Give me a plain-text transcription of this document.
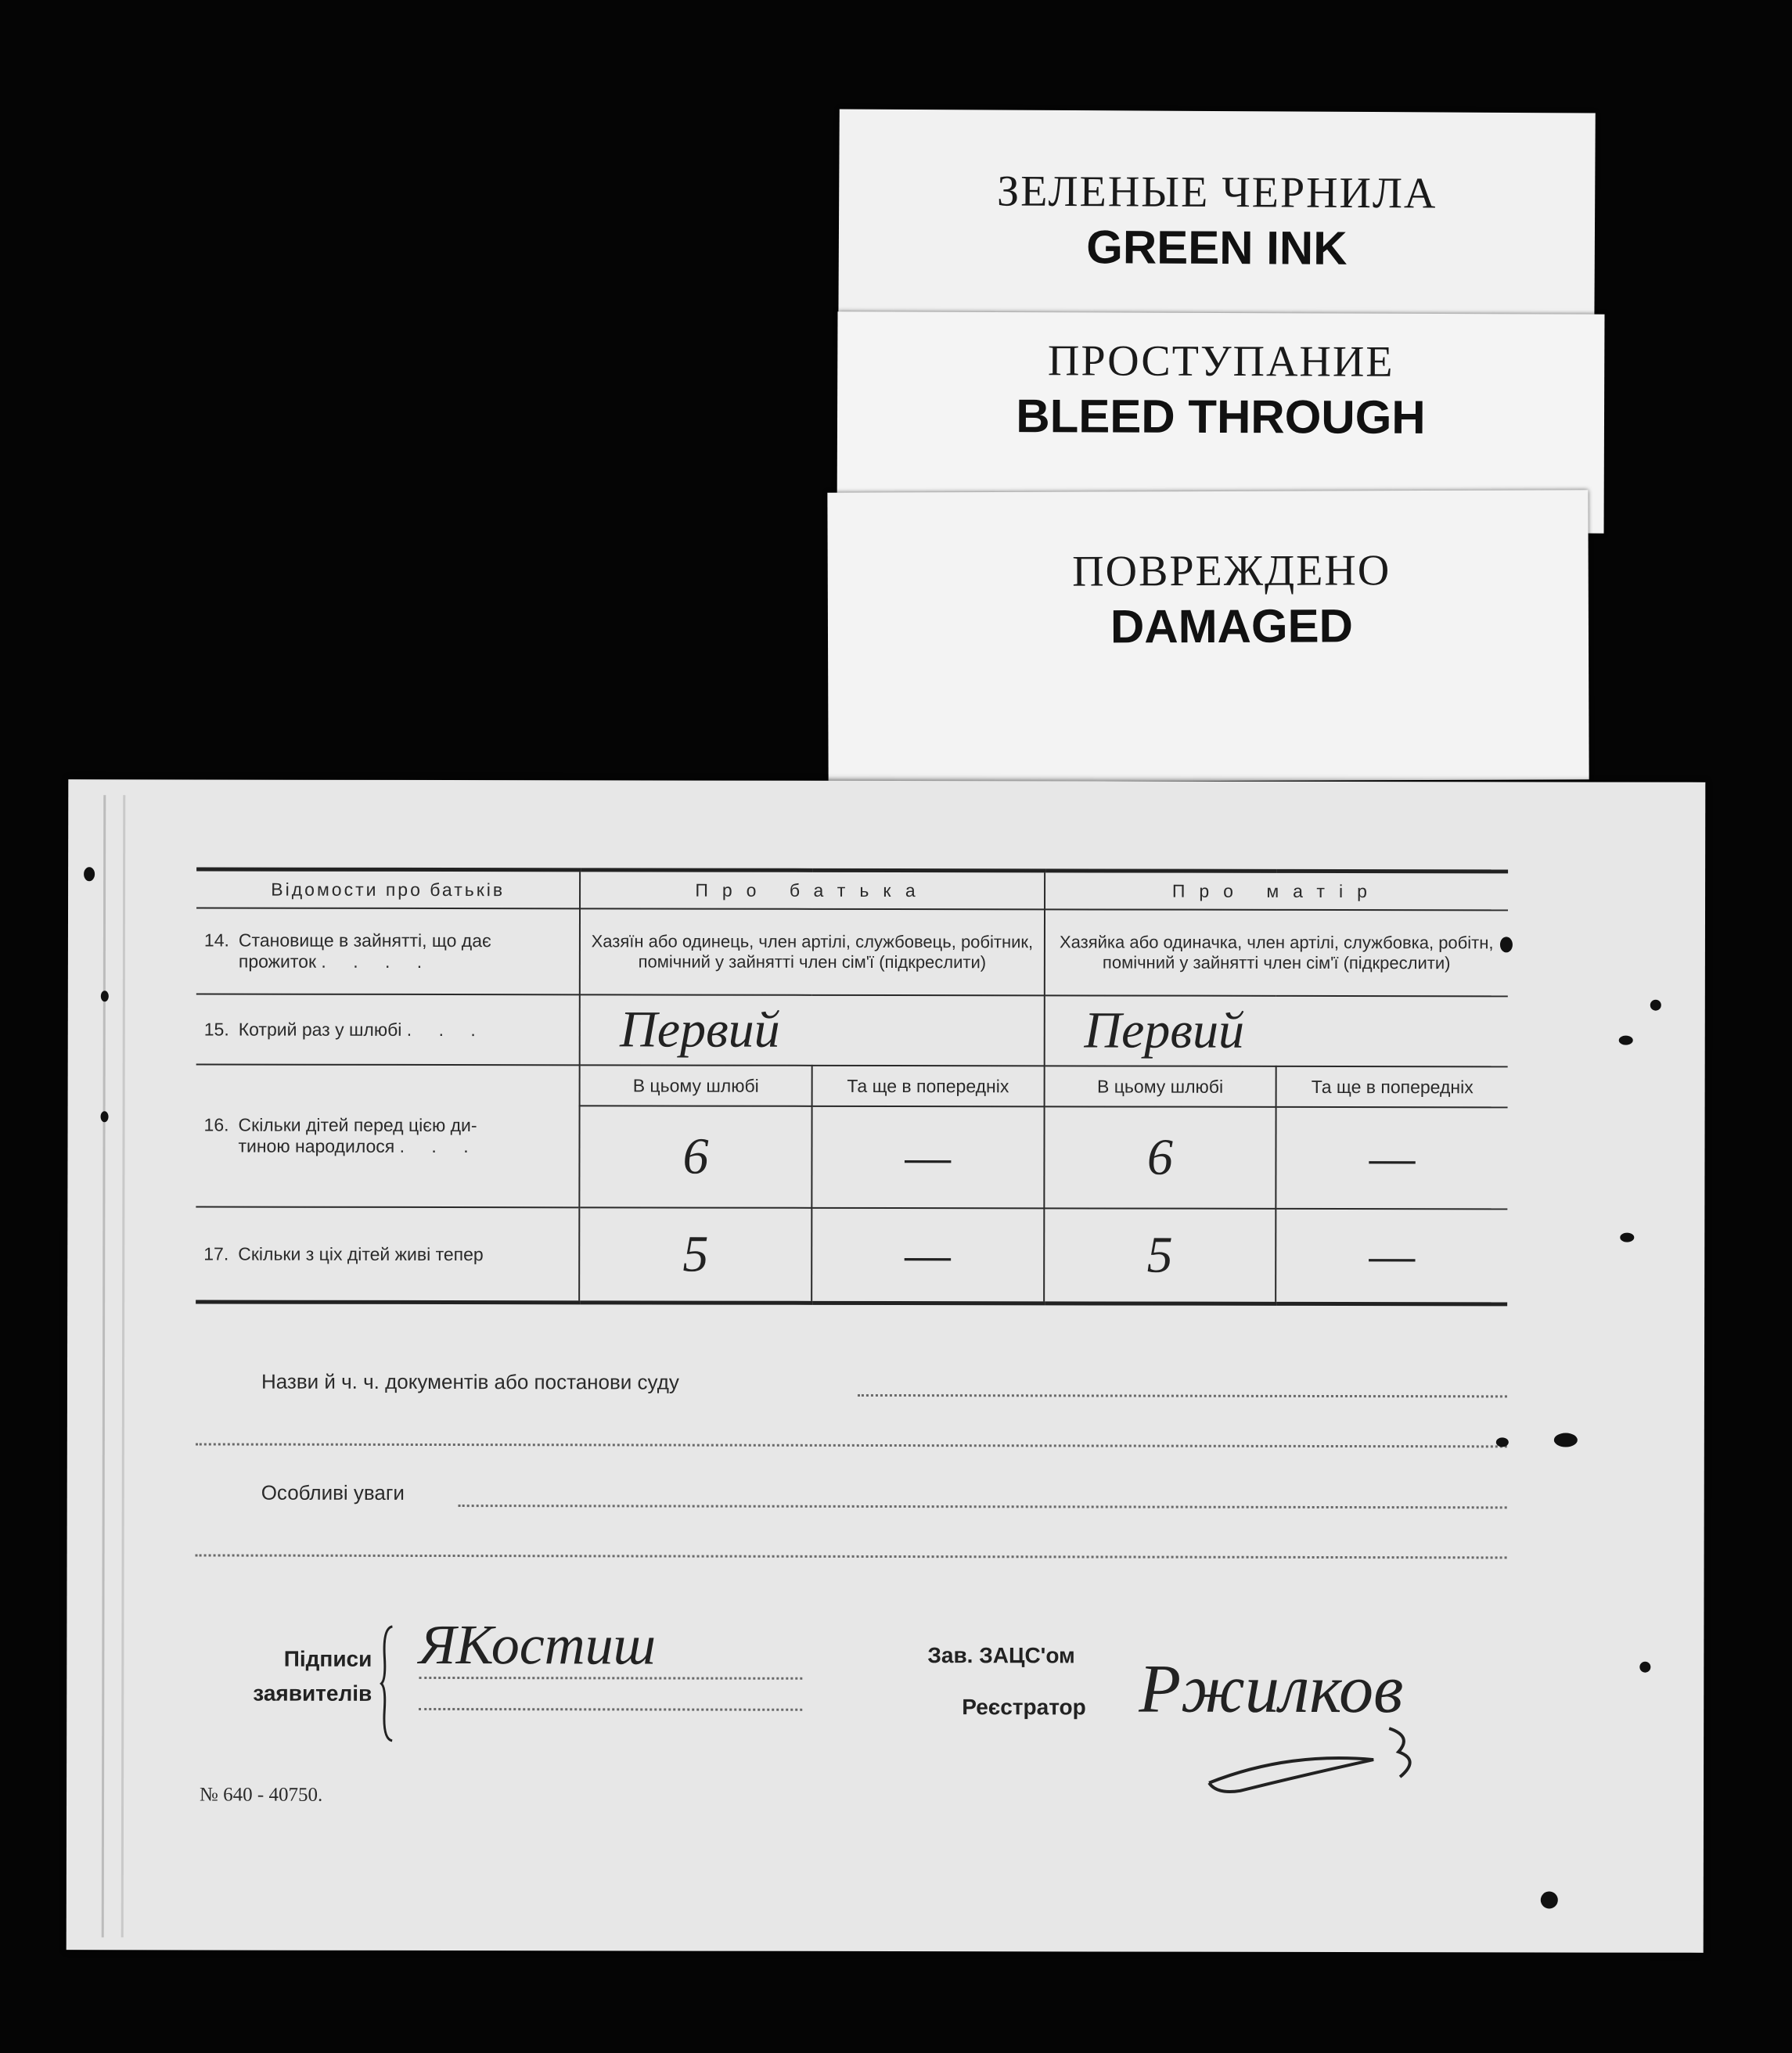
ЗЕЛЕНЫЕ ЧЕРНИЛА
GREEN INK
ПРОСТУПАНИЕ
BLEED THROUGH
ПОВРЕЖДЕНО
DAMAGED
Відомости про батьків	Про батька		Про матір	
14. Становище в зайнятті, що дає
прожиток . . . .	Хазяїн або одинець, член артілі, службовець, робітник, помічний у зайнятті член сім'ї (підкреслити)		Хазяйка або одиначка, член артілі, службовка, робітн, помічний у зайнятті член сім'ї (підкреслити)	
15. Котрий раз у шлюбі . . .	Первий		Первий	
16. Скільки дітей перед цією ди-
тиною народилося . . .	В цьому шлюбі	Та ще в попередніх	В цьому шлюбі	Та ще в попередніх
	6	—	6	—
17. Скільки з ціх дітей живі тепер	5	—	5	—
Назви й ч. ч. документів або постанови суду
Особливі уваги
Підписи
заявителів
ЯКостиш	Зав. ЗАЦС'ом
Реєстратор Ржилков
№ 640 - 40750.
